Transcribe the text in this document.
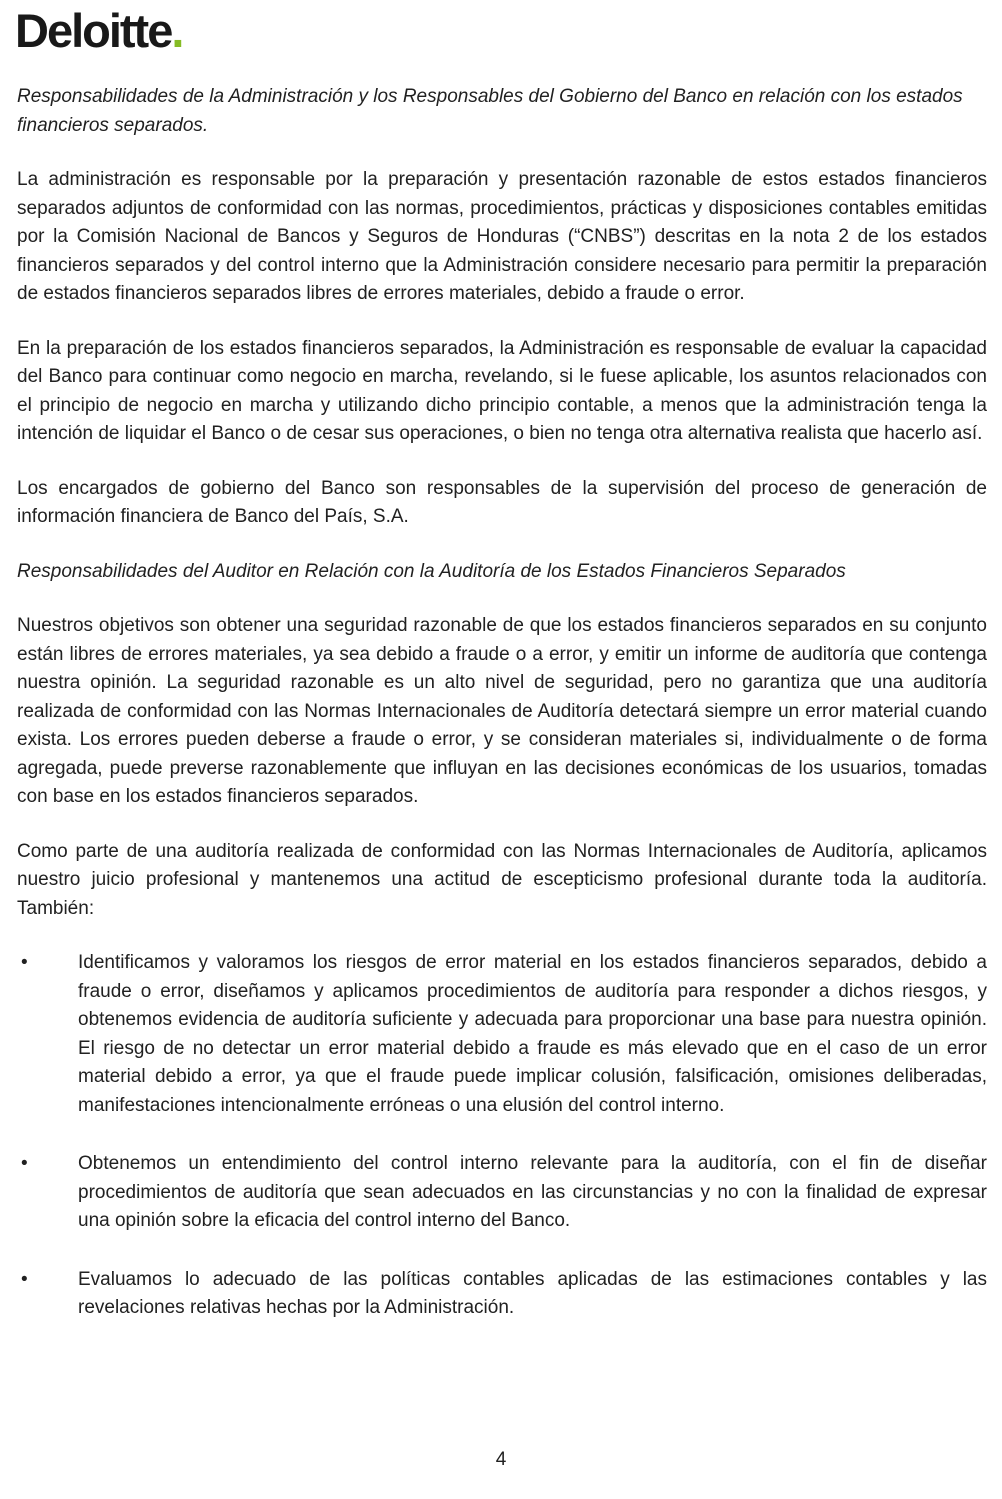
Deloitte.

Responsabilidades de la Administración y los Responsables del Gobierno del Banco en relación con los estados financieros separados.

La administración es responsable por la preparación y presentación razonable de estos estados financieros separados adjuntos de conformidad con las normas, procedimientos, prácticas y disposiciones contables emitidas por la Comisión Nacional de Bancos y Seguros de Honduras (“CNBS”) descritas en la nota 2 de los estados financieros separados y del control interno que la Administración considere necesario para permitir la preparación de estados financieros separados libres de errores materiales, debido a fraude o error.

En la preparación de los estados financieros separados, la Administración es responsable de evaluar la capacidad del Banco para continuar como negocio en marcha, revelando, si le fuese aplicable, los asuntos relacionados con el principio de negocio en marcha y utilizando dicho principio contable, a menos que la administración tenga la intención de liquidar el Banco o de cesar sus operaciones, o bien no tenga otra alternativa realista que hacerlo así.

Los encargados de gobierno del Banco son responsables de la supervisión del proceso de generación de información financiera de Banco del País, S.A.

Responsabilidades del Auditor en Relación con la Auditoría de los Estados Financieros Separados

Nuestros objetivos son obtener una seguridad razonable de que los estados financieros separados en su conjunto están libres de errores materiales, ya sea debido a fraude o a error, y emitir un informe de auditoría que contenga nuestra opinión. La seguridad razonable es un alto nivel de seguridad, pero no garantiza que una auditoría realizada de conformidad con las Normas Internacionales de Auditoría detectará siempre un error material cuando exista. Los errores pueden deberse a fraude o error, y se consideran materiales si, individualmente o de forma agregada, puede preverse razonablemente que influyan en las decisiones económicas de los usuarios, tomadas con base en los estados financieros separados.

Como parte de una auditoría realizada de conformidad con las Normas Internacionales de Auditoría, aplicamos nuestro juicio profesional y mantenemos una actitud de escepticismo profesional durante toda la auditoría. También:

•	Identificamos y valoramos los riesgos de error material en los estados financieros separados, debido a fraude o error, diseñamos y aplicamos procedimientos de auditoría para responder a dichos riesgos, y obtenemos evidencia de auditoría suficiente y adecuada para proporcionar una base para nuestra opinión. El riesgo de no detectar un error material debido a fraude es más elevado que en el caso de un error material debido a error, ya que el fraude puede implicar colusión, falsificación, omisiones deliberadas, manifestaciones intencionalmente erróneas o una elusión del control interno.

•	Obtenemos un entendimiento del control interno relevante para la auditoría, con el fin de diseñar procedimientos de auditoría que sean adecuados en las circunstancias y no con la finalidad de expresar una opinión sobre la eficacia del control interno del Banco.

•	Evaluamos lo adecuado de las políticas contables aplicadas de las estimaciones contables y las revelaciones relativas hechas por la Administración.

4
